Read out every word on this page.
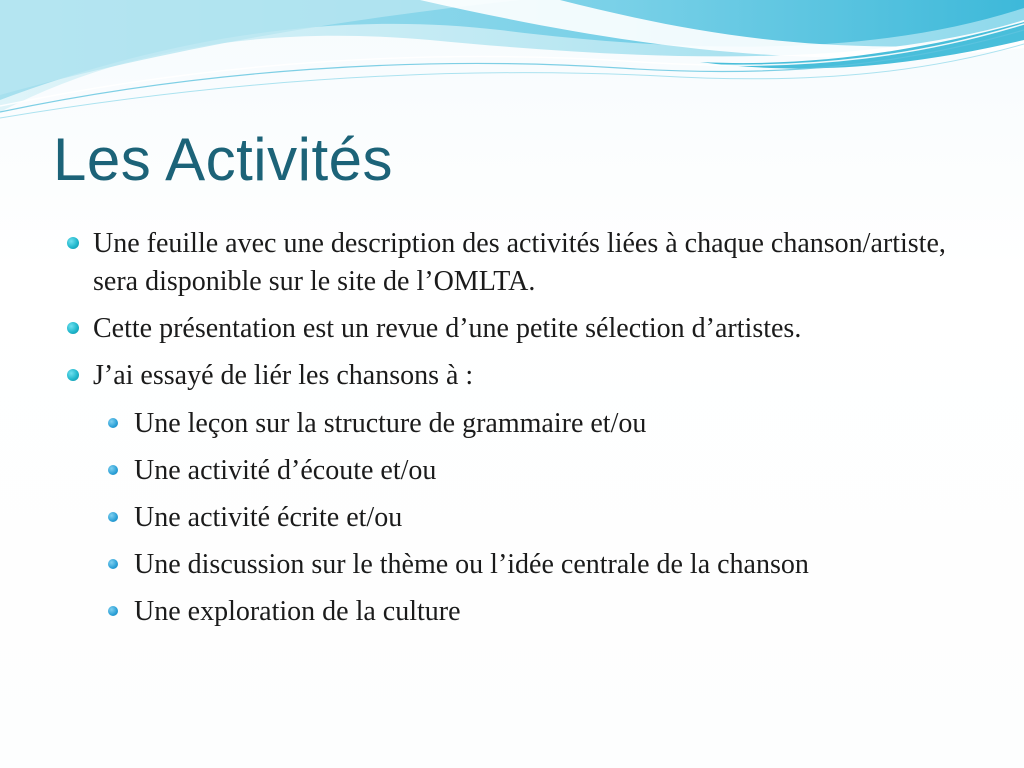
Les Activités
Une feuille avec une description des activités liées à chaque chanson/artiste, sera disponible sur le site de l’OMLTA.
Cette présentation est un revue d’une petite sélection d’artistes.
J’ai essayé de liér les chansons à :
Une leçon sur la structure de grammaire et/ou
Une activité d’écoute et/ou
Une activité écrite et/ou
Une discussion sur le thème ou l’idée centrale de la chanson
Une exploration de la culture
